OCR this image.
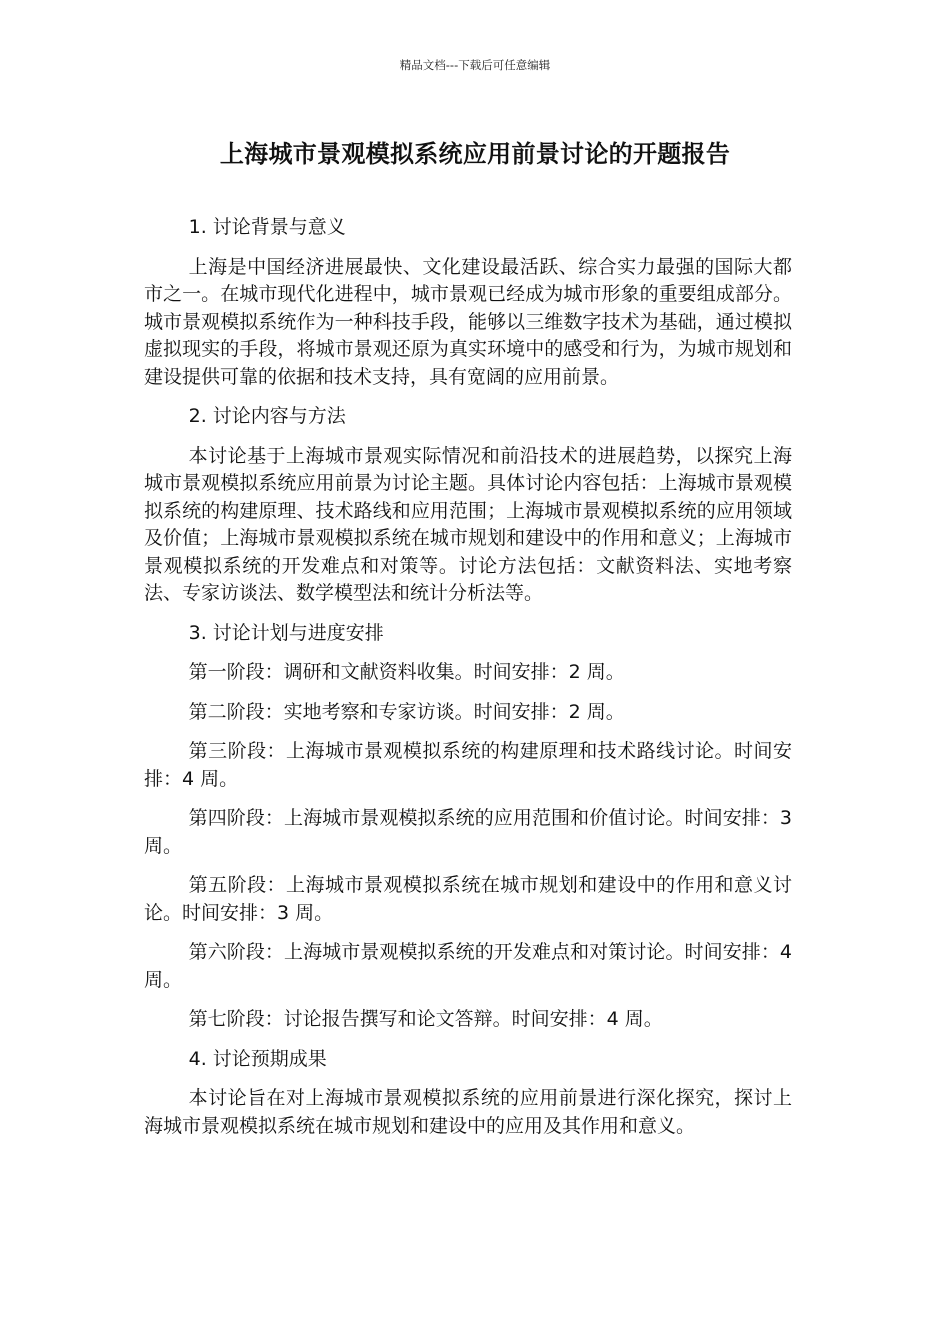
精品文档---下载后可任意编辑
上海城市景观模拟系统应用前景讨论的开题报告

1. 讨论背景与意义

上海是中国经济进展最快、文化建设最活跃、综合实力最强的国际大都市之一。在城市现代化进程中，城市景观已经成为城市形象的重要组成部分。城市景观模拟系统作为一种科技手段，能够以三维数字技术为基础，通过模拟虚拟现实的手段，将城市景观还原为真实环境中的感受和行为，为城市规划和建设提供可靠的依据和技术支持，具有宽阔的应用前景。

2. 讨论内容与方法

本讨论基于上海城市景观实际情况和前沿技术的进展趋势，以探究上海城市景观模拟系统应用前景为讨论主题。具体讨论内容包括：上海城市景观模拟系统的构建原理、技术路线和应用范围；上海城市景观模拟系统的应用领域及价值；上海城市景观模拟系统在城市规划和建设中的作用和意义；上海城市景观模拟系统的开发难点和对策等。讨论方法包括：文献资料法、实地考察法、专家访谈法、数学模型法和统计分析法等。

3. 讨论计划与进度安排

第一阶段：调研和文献资料收集。时间安排：2 周。

第二阶段：实地考察和专家访谈。时间安排：2 周。

第三阶段：上海城市景观模拟系统的构建原理和技术路线讨论。时间安排：4 周。

第四阶段：上海城市景观模拟系统的应用范围和价值讨论。时间安排：3 周。

第五阶段：上海城市景观模拟系统在城市规划和建设中的作用和意义讨论。时间安排：3 周。

第六阶段：上海城市景观模拟系统的开发难点和对策讨论。时间安排：4 周。

第七阶段：讨论报告撰写和论文答辩。时间安排：4 周。

4. 讨论预期成果

本讨论旨在对上海城市景观模拟系统的应用前景进行深化探究，探讨上海城市景观模拟系统在城市规划和建设中的应用及其作用和意义。
